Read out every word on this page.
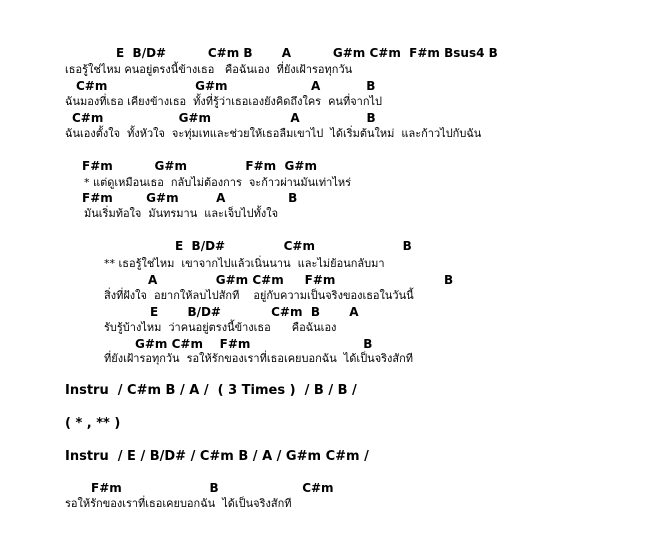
E  B/D#          C#m B       A          G#m C#m  F#m Bsus4 B
เธอรู้ใช่ไหม คนอยู่ตรงนี้ข้างเธอ   คือฉันเอง  ที่ยังเฝ้ารอทุกวัน
C#m                     G#m                    A           B
ฉันมองที่เธอ เคียงข้างเธอ  ทั้งที่รู้ว่าเธอเองยังคิดถึงใคร  คนที่จากไป
C#m                  G#m                   A                B
ฉันเองตั้งใจ  ทั้งหัวใจ  จะทุ่มเทและช่วยให้เธอลืมเขาไป  ได้เริ่มต้นใหม่  และก้าวไปกับฉัน
F#m          G#m              F#m  G#m
* แต่ดูเหมือนเธอ  กลับไม่ต้องการ  จะก้าวผ่านมันเท่าไหร่
F#m        G#m         A               B
มันเริ่มท้อใจ  มันทรมาน  และเจ็บไปทั้งใจ
E  B/D#              C#m                     B
** เธอรู้ใช่ไหม  เขาจากไปแล้วเนิ่นนาน  และไม่ย้อนกลับมา
A              G#m C#m     F#m                          B
สิ่งที่ฝังใจ  อยากให้ลบไปสักที    อยู่กับความเป็นจริงของเธอในวันนี้
E       B/D#            C#m  B       A
รับรู้บ้างไหม  ว่าคนอยู่ตรงนี้ข้างเธอ      คือฉันเอง
G#m C#m    F#m                           B
ที่ยังเฝ้ารอทุกวัน  รอให้รักของเราที่เธอเคยบอกฉัน  ได้เป็นจริงสักที
Instru  / C#m B / A /  ( 3 Times )  / B / B /
( * , ** )
Instru  / E / B/D# / C#m B / A / G#m C#m /
F#m                     B                    C#m
รอให้รักของเราที่เธอเคยบอกฉัน  ได้เป็นจริงสักที
